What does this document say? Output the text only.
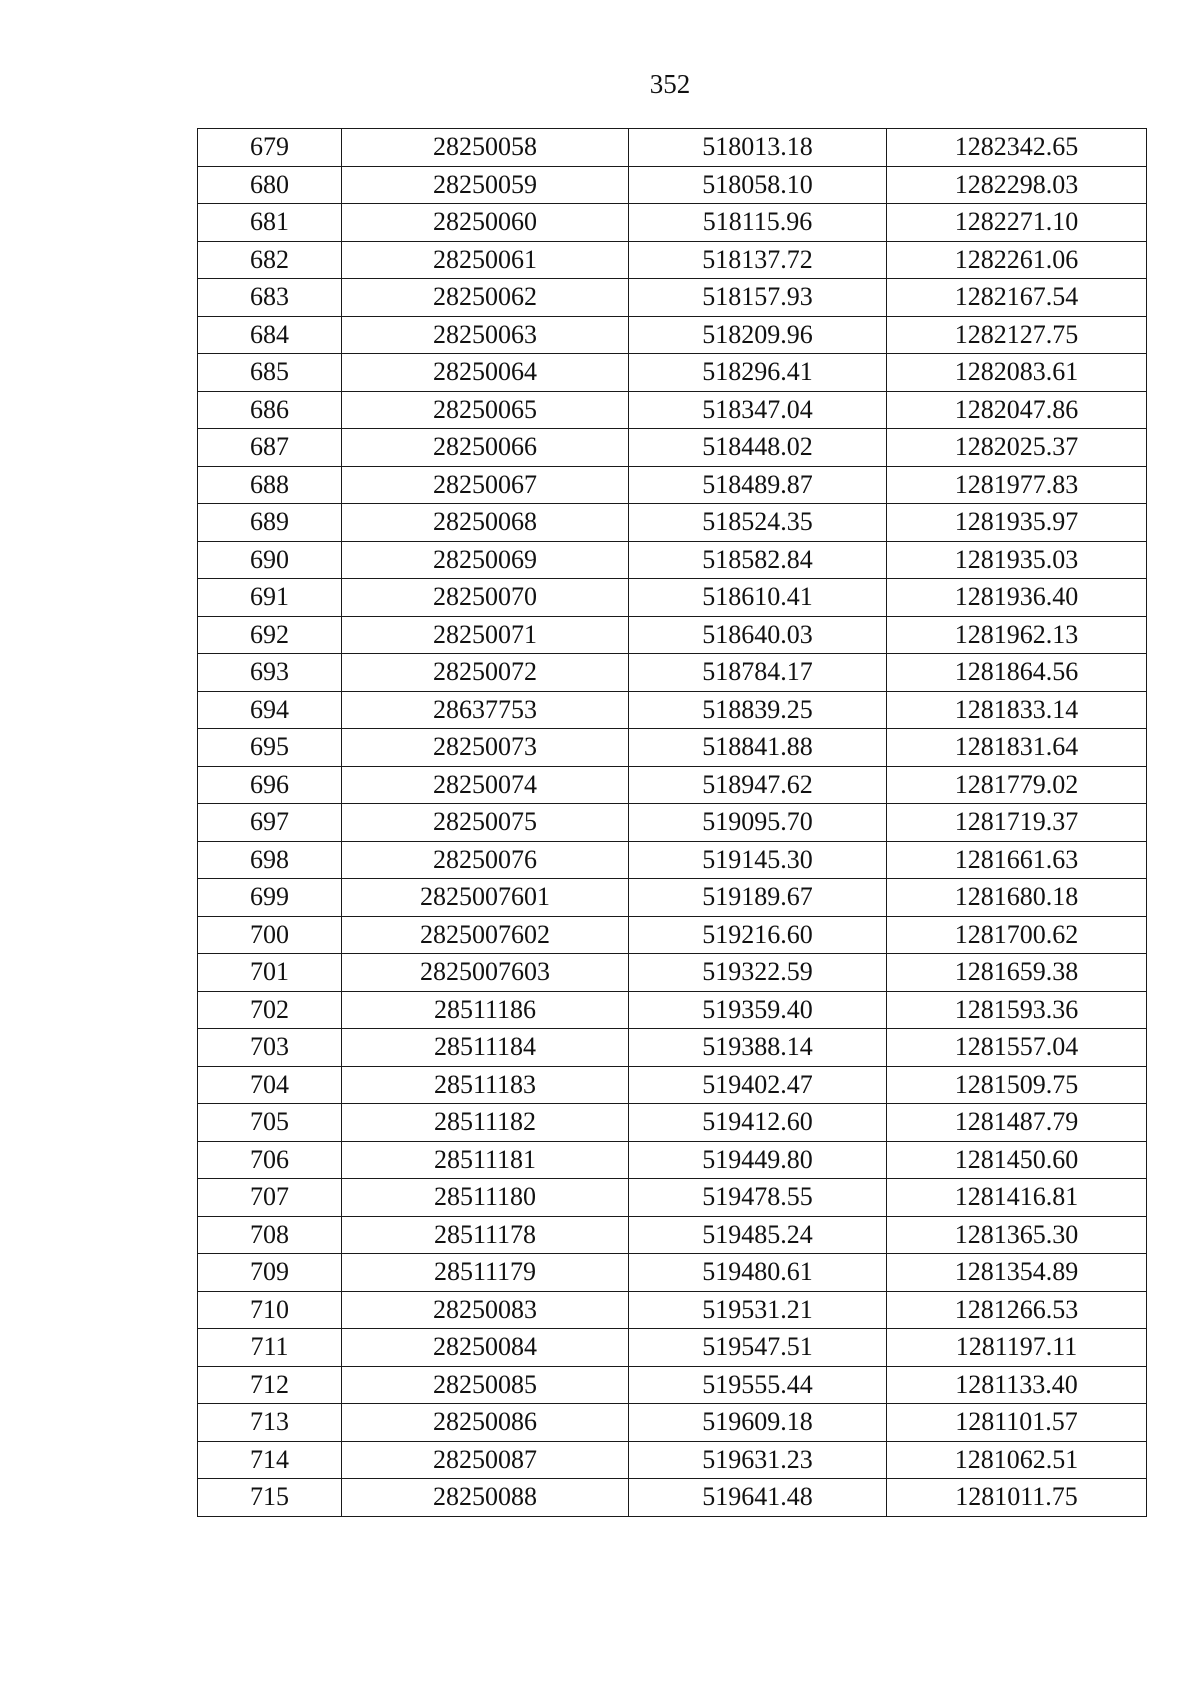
352
679	28250058	518013.18	1282342.65
680	28250059	518058.10	1282298.03
681	28250060	518115.96	1282271.10
682	28250061	518137.72	1282261.06
683	28250062	518157.93	1282167.54
684	28250063	518209.96	1282127.75
685	28250064	518296.41	1282083.61
686	28250065	518347.04	1282047.86
687	28250066	518448.02	1282025.37
688	28250067	518489.87	1281977.83
689	28250068	518524.35	1281935.97
690	28250069	518582.84	1281935.03
691	28250070	518610.41	1281936.40
692	28250071	518640.03	1281962.13
693	28250072	518784.17	1281864.56
694	28637753	518839.25	1281833.14
695	28250073	518841.88	1281831.64
696	28250074	518947.62	1281779.02
697	28250075	519095.70	1281719.37
698	28250076	519145.30	1281661.63
699	2825007601	519189.67	1281680.18
700	2825007602	519216.60	1281700.62
701	2825007603	519322.59	1281659.38
702	28511186	519359.40	1281593.36
703	28511184	519388.14	1281557.04
704	28511183	519402.47	1281509.75
705	28511182	519412.60	1281487.79
706	28511181	519449.80	1281450.60
707	28511180	519478.55	1281416.81
708	28511178	519485.24	1281365.30
709	28511179	519480.61	1281354.89
710	28250083	519531.21	1281266.53
711	28250084	519547.51	1281197.11
712	28250085	519555.44	1281133.40
713	28250086	519609.18	1281101.57
714	28250087	519631.23	1281062.51
715	28250088	519641.48	1281011.75
